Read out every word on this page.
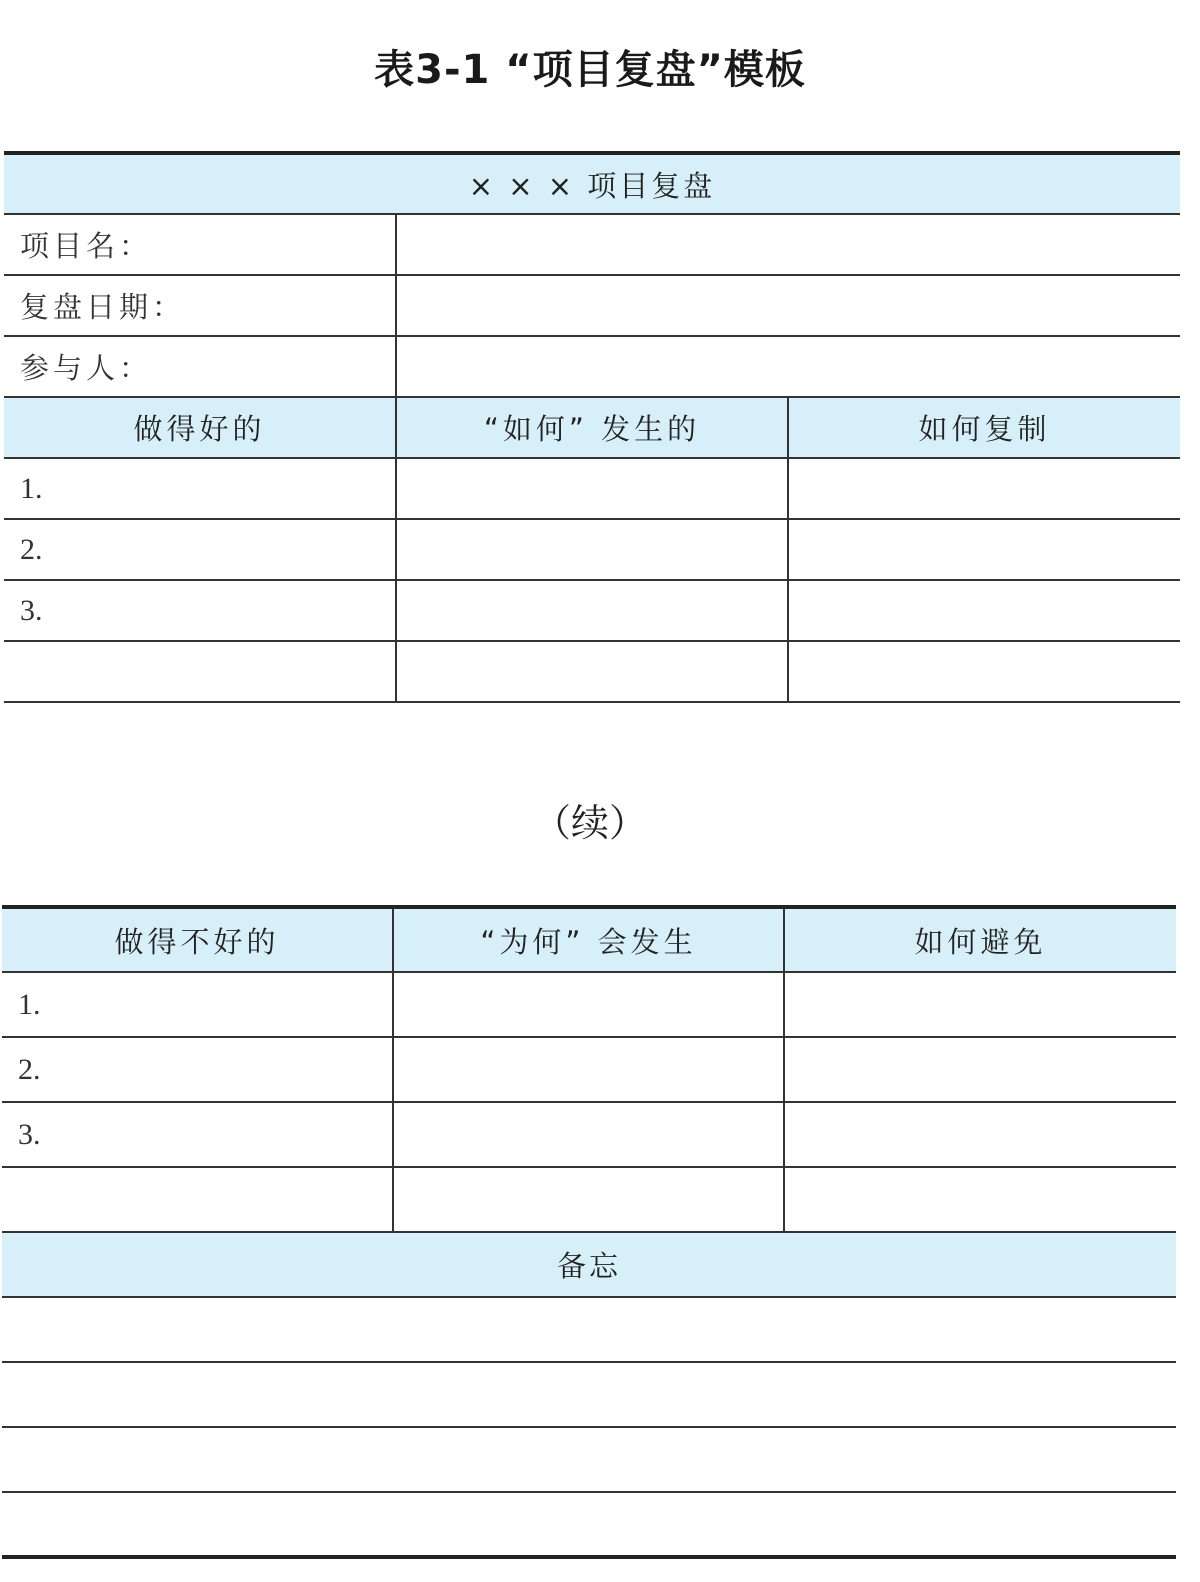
表3-1 “项目复盘”模板
× × × 项目复盘		
项目名：		
复盘日期：		
参与人：		
做得好的	“如何” 发生的	如何复制
1.		
2.		
3.		

（续）
做得不好的	“为何” 会发生	如何避免
1.		
2.		
3.		

备忘		
